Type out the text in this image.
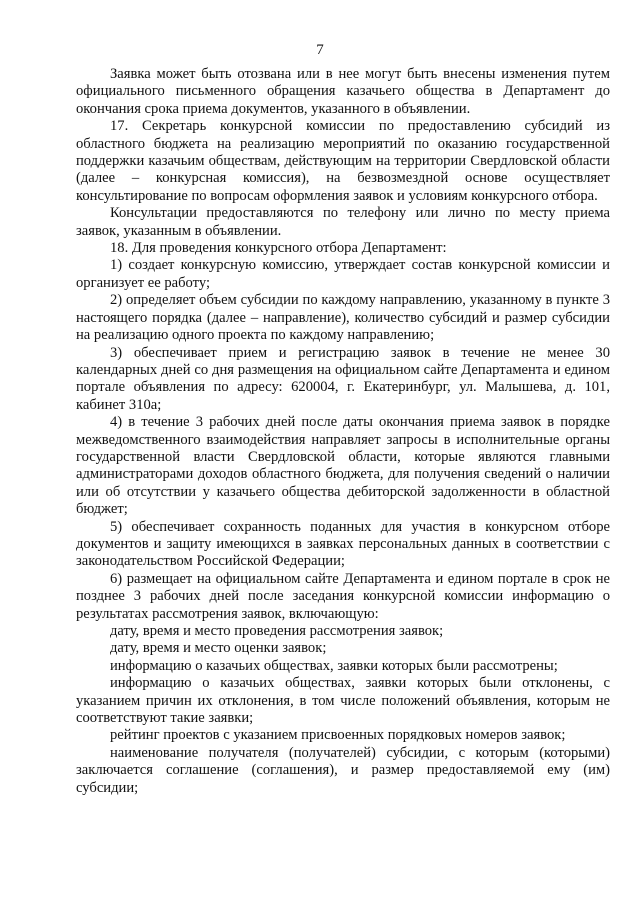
7

Заявка может быть отозвана или в нее могут быть внесены изменения путем официального письменного обращения казачьего общества в Департамент до окончания срока приема документов, указанного в объявлении.

17. Секретарь конкурсной комиссии по предоставлению субсидий из областного бюджета на реализацию мероприятий по оказанию государственной поддержки казачьим обществам, действующим на территории Свердловской области (далее – конкурсная комиссия), на безвозмездной основе осуществляет консультирование по вопросам оформления заявок и условиям конкурсного отбора.

Консультации предоставляются по телефону или лично по месту приема заявок, указанным в объявлении.

18. Для проведения конкурсного отбора Департамент:

1) создает конкурсную комиссию, утверждает состав конкурсной комиссии и организует ее работу;

2) определяет объем субсидии по каждому направлению, указанному в пункте 3 настоящего порядка (далее – направление), количество субсидий и размер субсидии на реализацию одного проекта по каждому направлению;

3) обеспечивает прием и регистрацию заявок в течение не менее 30 календарных дней со дня размещения на официальном сайте Департамента и едином портале объявления по адресу: 620004, г. Екатеринбург, ул. Малышева, д. 101, кабинет 310а;

4) в течение 3 рабочих дней после даты окончания приема заявок в порядке межведомственного взаимодействия направляет запросы в исполнительные органы государственной власти Свердловской области, которые являются главными администраторами доходов областного бюджета, для получения сведений о наличии или об отсутствии у казачьего общества дебиторской задолженности в областной бюджет;

5) обеспечивает сохранность поданных для участия в конкурсном отборе документов и защиту имеющихся в заявках персональных данных в соответствии с законодательством Российской Федерации;

6) размещает на официальном сайте Департамента и едином портале в срок не позднее 3 рабочих дней после заседания конкурсной комиссии информацию о результатах рассмотрения заявок, включающую:

дату, время и место проведения рассмотрения заявок;

дату, время и место оценки заявок;

информацию о казачьих обществах, заявки которых были рассмотрены;

информацию о казачьих обществах, заявки которых были отклонены, с указанием причин их отклонения, в том числе положений объявления, которым не соответствуют такие заявки;

рейтинг проектов с указанием присвоенных порядковых номеров заявок;

наименование получателя (получателей) субсидии, с которым (которыми) заключается соглашение (соглашения), и размер предоставляемой ему (им) субсидии;
